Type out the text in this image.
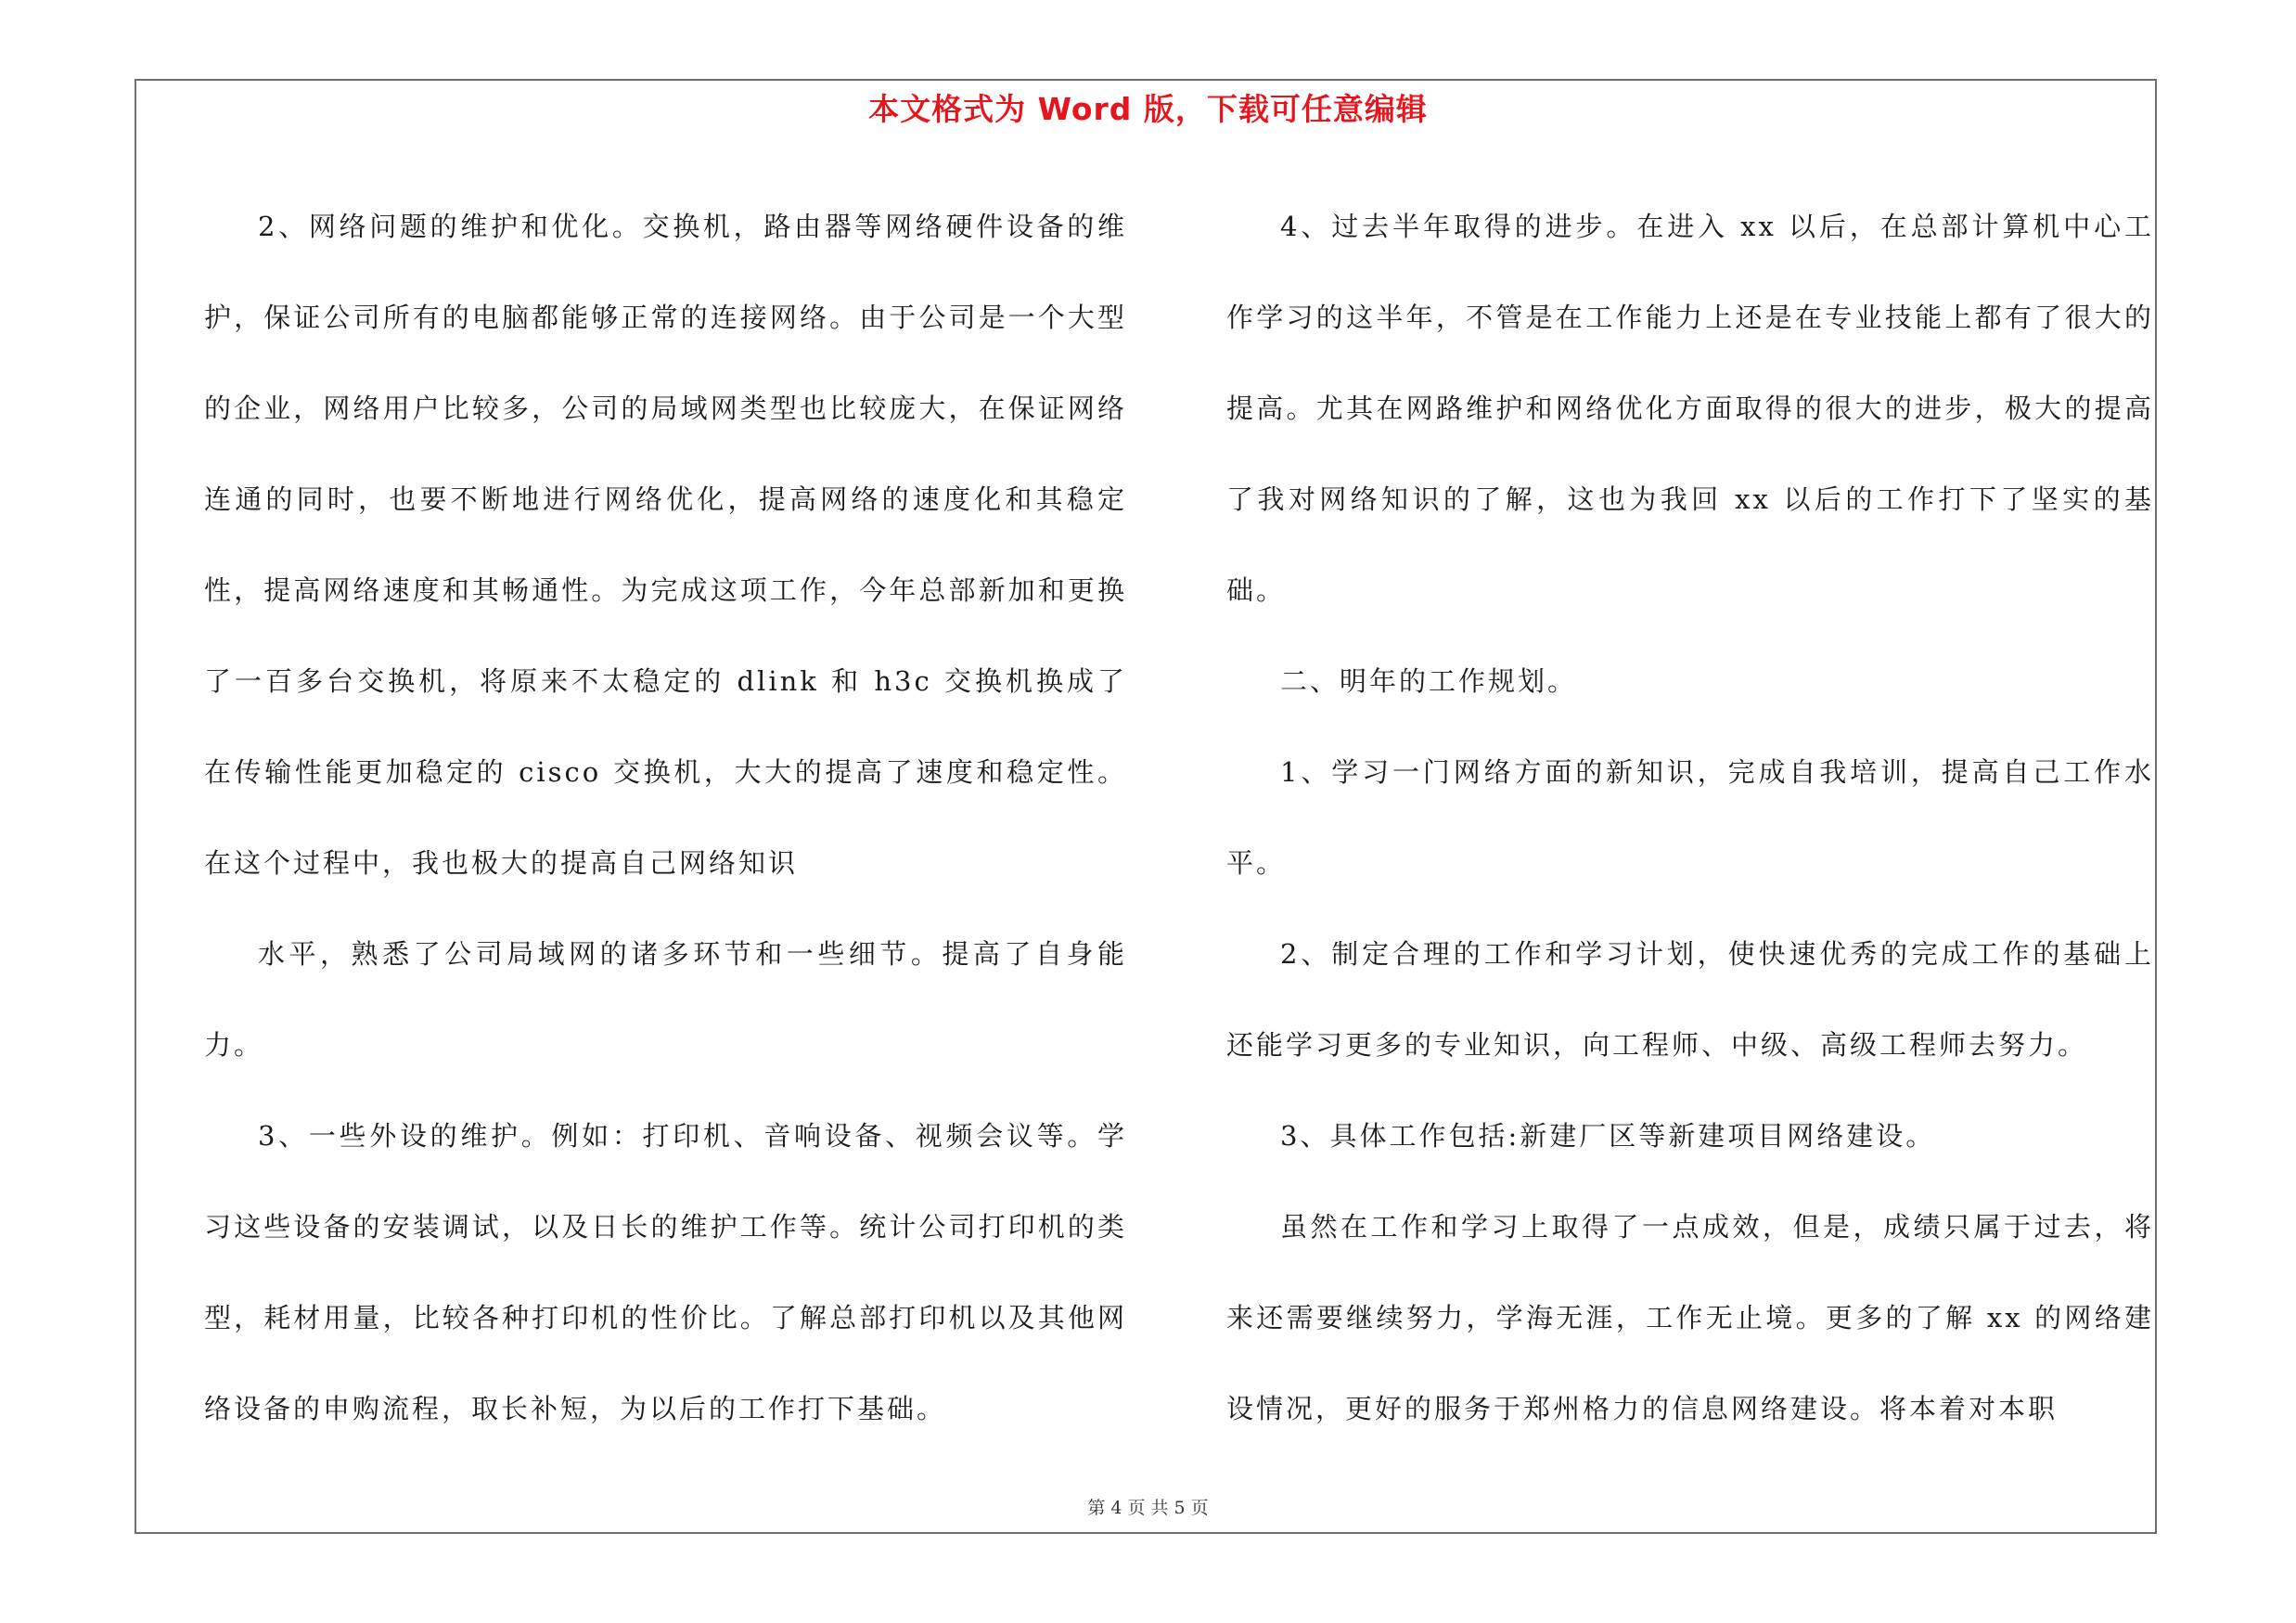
本文格式为 Word 版，下载可任意编辑

2、网络问题的维护和优化。交换机，路由器等网络硬件设备的维护，保证公司所有的电脑都能够正常的连接网络。由于公司是一个大型的企业，网络用户比较多，公司的局域网类型也比较庞大，在保证网络连通的同时，也要不断地进行网络优化，提高网络的速度化和其稳定性，提高网络速度和其畅通性。为完成这项工作，今年总部新加和更换了一百多台交换机，将原来不太稳定的 dlink 和 h3c 交换机换成了在传输性能更加稳定的 cisco 交换机，大大的提高了速度和稳定性。在这个过程中，我也极大的提高自己网络知识

水平，熟悉了公司局域网的诸多环节和一些细节。提高了自身能力。

3、一些外设的维护。例如：打印机、音响设备、视频会议等。学习这些设备的安装调试，以及日长的维护工作等。统计公司打印机的类型，耗材用量，比较各种打印机的性价比。了解总部打印机以及其他网络设备的申购流程，取长补短，为以后的工作打下基础。

4、过去半年取得的进步。在进入 xx 以后，在总部计算机中心工作学习的这半年，不管是在工作能力上还是在专业技能上都有了很大的提高。尤其在网路维护和网络优化方面取得的很大的进步，极大的提高了我对网络知识的了解，这也为我回 xx 以后的工作打下了坚实的基础。

二、明年的工作规划。

1、学习一门网络方面的新知识，完成自我培训，提高自己工作水平。

2、制定合理的工作和学习计划，使快速优秀的完成工作的基础上还能学习更多的专业知识，向工程师、中级、高级工程师去努力。

3、具体工作包括:新建厂区等新建项目网络建设。

虽然在工作和学习上取得了一点成效，但是，成绩只属于过去，将来还需要继续努力，学海无涯，工作无止境。更多的了解 xx 的网络建设情况，更好的服务于郑州格力的信息网络建设。将本着对本职

第 4 页 共 5 页
